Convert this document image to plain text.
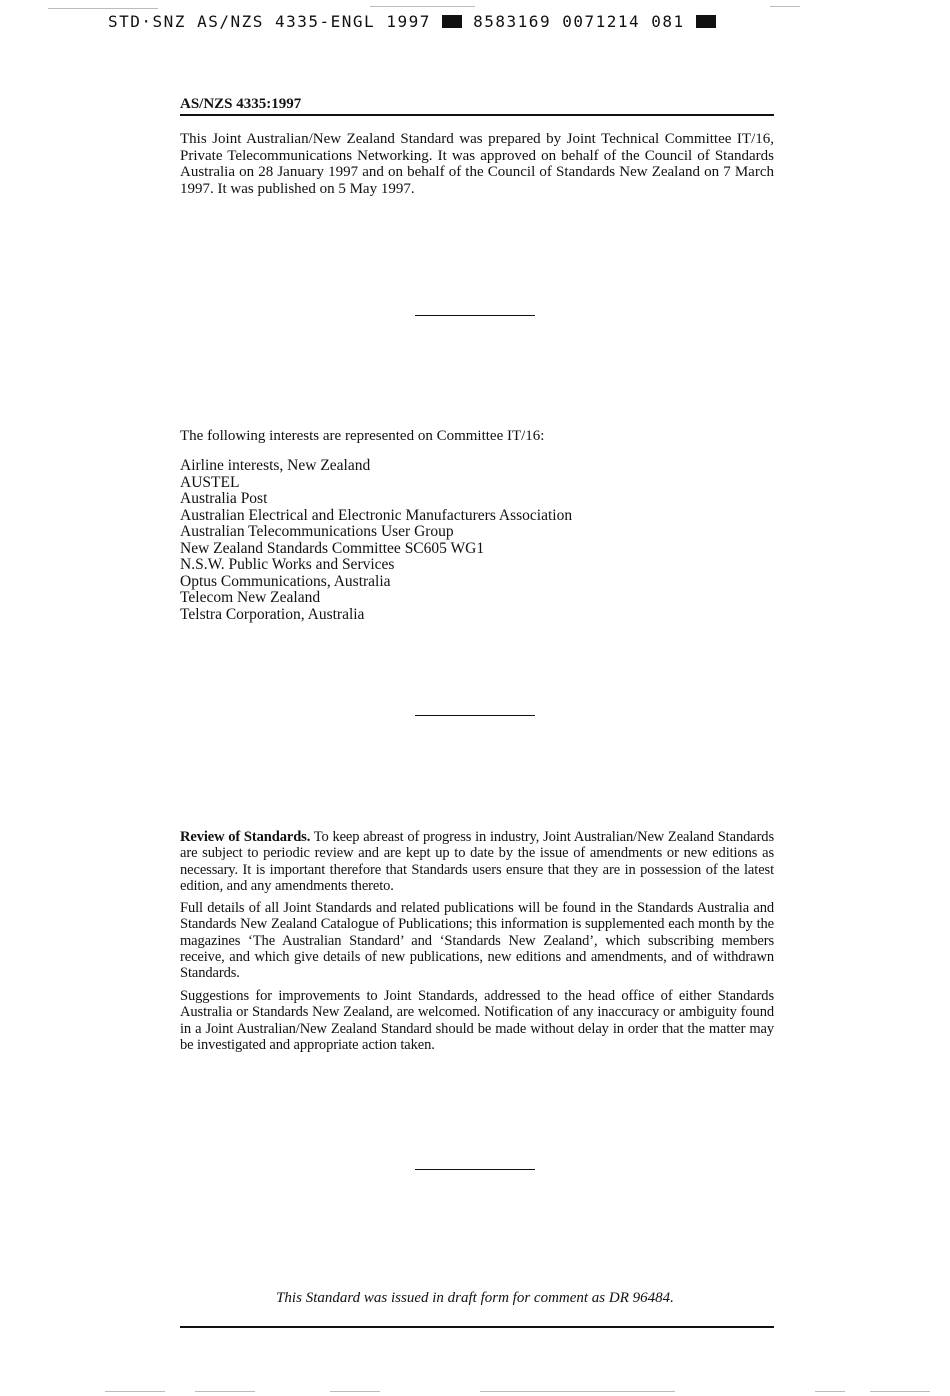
STD·SNZ AS/NZS 4335-ENGL 1997	8583169 0071214 081
AS/NZS 4335:1997

This Joint Australian/New Zealand Standard was prepared by Joint Technical Committee IT/16, Private Telecommunications Networking. It was approved on behalf of the Council of Standards Australia on 28 January 1997 and on behalf of the Council of Standards New Zealand on 7 March 1997. It was published on 5 May 1997.

The following interests are represented on Committee IT/16:

Airline interests, New Zealand
AUSTEL
Australia Post
Australian Electrical and Electronic Manufacturers Association
Australian Telecommunications User Group
New Zealand Standards Committee SC605 WG1
N.S.W. Public Works and Services
Optus Communications, Australia
Telecom New Zealand
Telstra Corporation, Australia

Review of Standards. To keep abreast of progress in industry, Joint Australian/New Zealand Standards are subject to periodic review and are kept up to date by the issue of amendments or new editions as necessary. It is important therefore that Standards users ensure that they are in possession of the latest edition, and any amendments thereto.

Full details of all Joint Standards and related publications will be found in the Standards Australia and Standards New Zealand Catalogue of Publications; this information is supplemented each month by the magazines ‘The Australian Standard’ and ‘Standards New Zealand’, which subscribing members receive, and which give details of new publications, new editions and amendments, and of withdrawn Standards.

Suggestions for improvements to Joint Standards, addressed to the head office of either Standards Australia or Standards New Zealand, are welcomed. Notification of any inaccuracy or ambiguity found in a Joint Australian/New Zealand Standard should be made without delay in order that the matter may be investigated and appropriate action taken.

This Standard was issued in draft form for comment as DR 96484.
